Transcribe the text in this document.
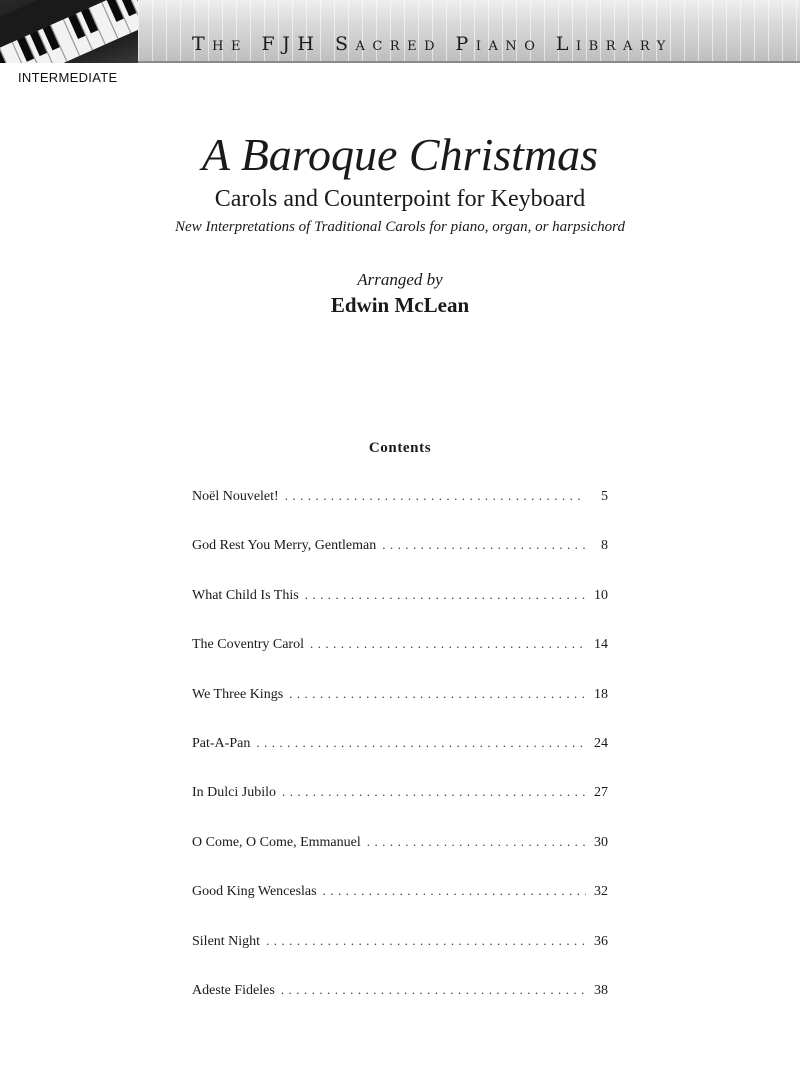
The FJH Sacred Piano Library
INTERMEDIATE
A Baroque Christmas
Carols and Counterpoint for Keyboard
New Interpretations of Traditional Carols for piano, organ, or harpsichord
Arranged by
Edwin McLean
Contents
Noël Nouvelet! . . .	5
God Rest You Merry, Gentleman . . .	8
What Child Is This . . .	10
The Coventry Carol . . .	14
We Three Kings . . .	18
Pat-A-Pan . . .	24
In Dulci Jubilo . . .	27
O Come, O Come, Emmanuel . . .	30
Good King Wenceslas . . .	32
Silent Night . . .	36
Adeste Fideles . . .	38
